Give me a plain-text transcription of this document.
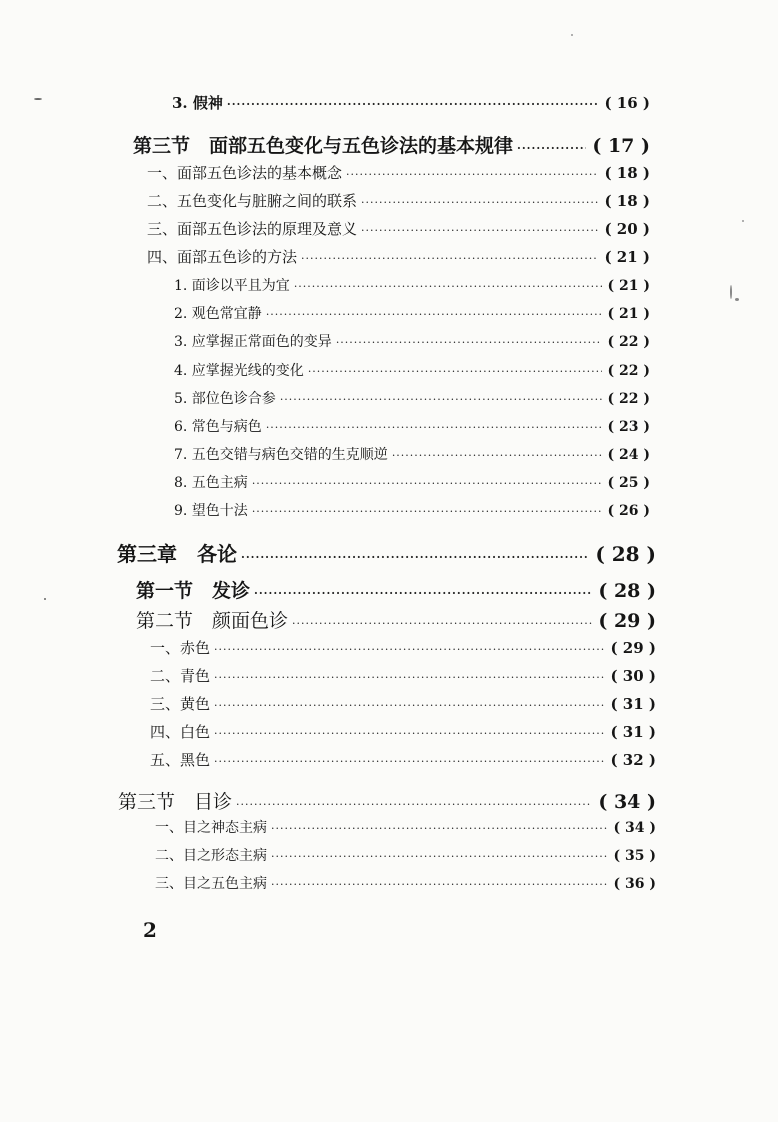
3. 假神 ·····	( 16 )
第三节　面部五色变化与五色诊法的基本规律 ·····	( 17 )
一、面部五色诊法的基本概念 ·····	( 18 )
二、五色变化与脏腑之间的联系 ·····	( 18 )
三、面部五色诊法的原理及意义 ·····	( 20 )
四、面部五色诊的方法 ·····	( 21 )
1. 面诊以平且为宜 ·····	( 21 )
2. 观色常宜静 ·····	( 21 )
3. 应掌握正常面色的变异 ·····	( 22 )
4. 应掌握光线的变化 ·····	( 22 )
5. 部位色诊合参 ·····	( 22 )
6. 常色与病色 ·····	( 23 )
7. 五色交错与病色交错的生克顺逆 ·····	( 24 )
8. 五色主病 ·····	( 25 )
9. 望色十法 ·····	( 26 )
第三章　各论 ·····	( 28 )
第一节　发诊 ·····	( 28 )
第二节　颜面色诊 ·····	( 29 )
一、赤色 ·····	( 29 )
二、青色 ·····	( 30 )
三、黄色 ·····	( 31 )
四、白色 ·····	( 31 )
五、黑色 ·····	( 32 )
第三节　目诊 ·····	( 34 )
一、目之神态主病 ·····	( 34 )
二、目之形态主病 ·····	( 35 )
三、目之五色主病 ·····	( 36 )
2
